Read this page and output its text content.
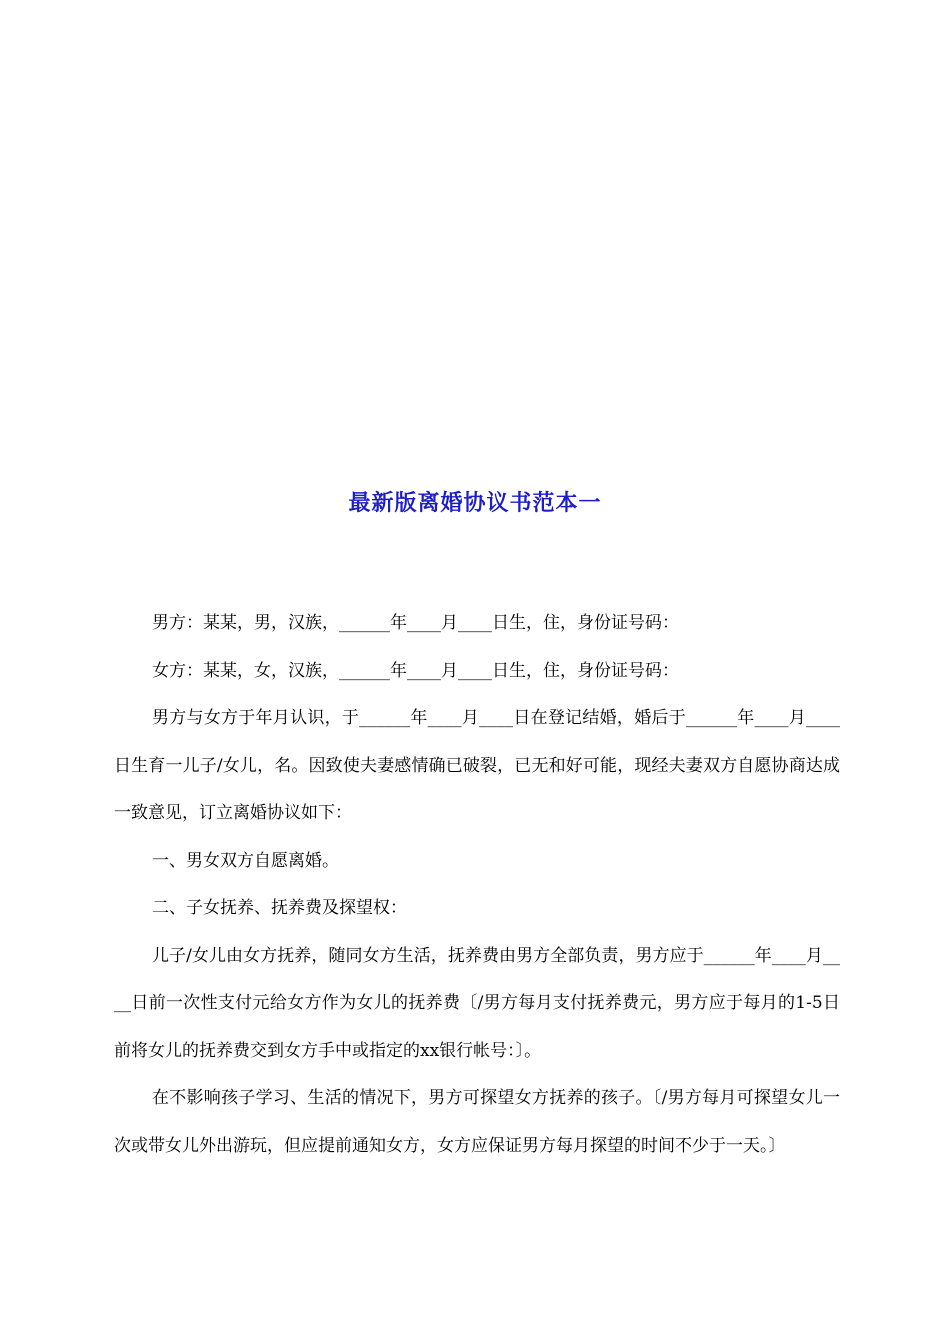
最新版离婚协议书范本一

男方：某某，男，汉族，______年____月____日生，住，身份证号码：

女方：某某，女，汉族，______年____月____日生，住，身份证号码：

男方与女方于年月认识，于______年____月____日在登记结婚，婚后于______年____月____日生育一儿子/女儿，名。因致使夫妻感情确已破裂，已无和好可能，现经夫妻双方自愿协商达成一致意见，订立离婚协议如下：

一、男女双方自愿离婚。

二、子女抚养、抚养费及探望权：

儿子/女儿由女方抚养，随同女方生活，抚养费由男方全部负责，男方应于______年____月____日前一次性支付元给女方作为女儿的抚养费〔/男方每月支付抚养费元，男方应于每月的1-5日前将女儿的抚养费交到女方手中或指定的xx银行帐号：〕。

在不影响孩子学习、生活的情况下，男方可探望女方抚养的孩子。〔/男方每月可探望女儿一次或带女儿外出游玩，但应提前通知女方，女方应保证男方每月探望的时间不少于一天。〕
